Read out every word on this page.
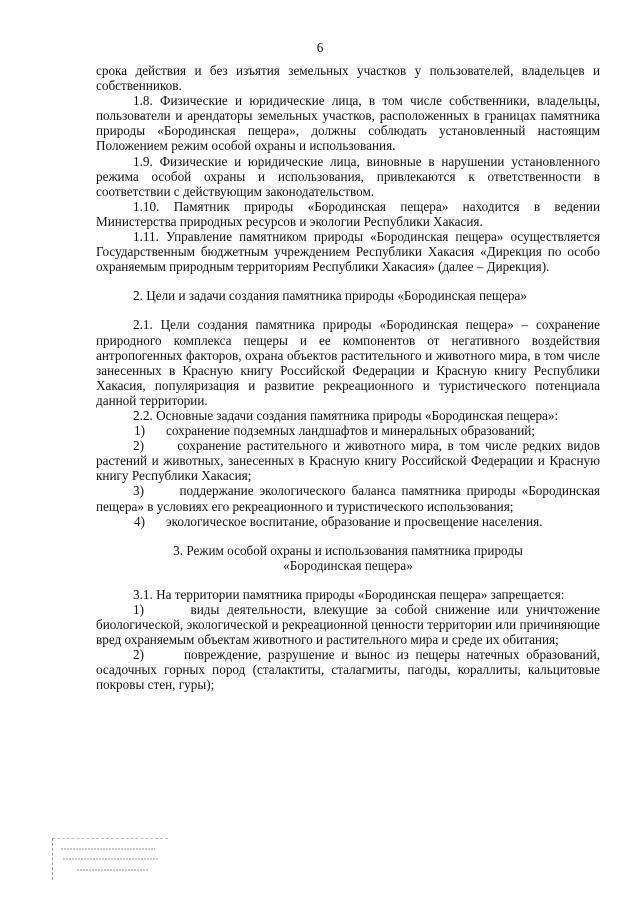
6

срока действия и без изъятия земельных участков у пользователей, владельцев и собственников.

1.8. Физические и юридические лица, в том числе собственники, владельцы, пользователи и арендаторы земельных участков, расположенных в границах памятника природы «Бородинская пещера», должны соблюдать установленный настоящим Положением режим особой охраны и использования.

1.9. Физические и юридические лица, виновные в нарушении установленного режима особой охраны и использования, привлекаются к ответственности в соответствии с действующим законодательством.

1.10. Памятник природы «Бородинская пещера» находится в ведении Министерства природных ресурсов и экологии Республики Хакасия.

1.11. Управление памятником природы «Бородинская пещера» осуществляется Государственным бюджетным учреждением Республики Хакасия «Дирекция по особо охраняемым природным территориям Республики Хакасия» (далее – Дирекция).

2. Цели и задачи создания памятника природы «Бородинская пещера»

2.1. Цели создания памятника природы «Бородинская пещера» – сохранение природного комплекса пещеры и ее компонентов от негативного воздействия антропогенных факторов, охрана объектов растительного и животного мира, в том числе занесенных в Красную книгу Российской Федерации и Красную книгу Республики Хакасия, популяризация и развитие рекреационного и туристического потенциала данной территории.

2.2. Основные задачи создания памятника природы «Бородинская пещера»:

1)	сохранение подземных ландшафтов и минеральных образований;

2)	сохранение растительного и животного мира, в том числе редких видов растений и животных, занесенных в Красную книгу Российской Федерации и Красную книгу Республики Хакасия;

3)	поддержание экологического баланса памятника природы «Бородинская пещера» в условиях его рекреационного и туристического использования;

4)	экологическое воспитание, образование и просвещение населения.

3. Режим особой охраны и использования памятника природы
«Бородинская пещера»

3.1. На территории памятника природы «Бородинская пещера» запрещается:

1)	виды деятельности, влекущие за собой снижение или уничтожение биологической, экологической и рекреационной ценности территории или причиняющие вред охраняемым объектам животного и растительного мира и среде их обитания;

2)	повреждение, разрушение и вынос из пещеры натечных образований, осадочных горных пород (сталактиты, сталагмиты, пагоды, кораллиты, кальцитовые покровы стен, гуры);
